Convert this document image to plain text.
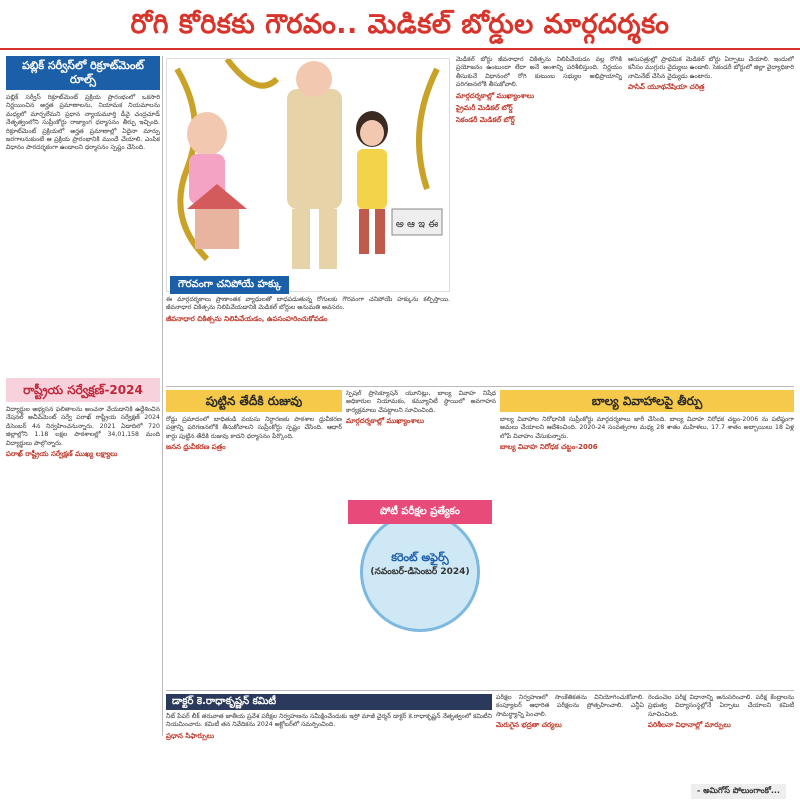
రోగి కోరికకు గౌరవం.. మెడికల్ బోర్డుల మార్గదర్శకం
పబ్లిక్ సర్వీస్‌లో రిక్రూట్‌మెంట్ రూల్స్
పబ్లిక్ సర్వీస్ రిక్రూట్‌మెంట్ ప్రక్రియ ప్రారంభంలో ఒకసారి నిర్ణయించిన అర్హత ప్రమాణాలను, నియామక నియమాలను మధ్యలో మార్చలేమని ప్రధాన న్యాయమూర్తి డీవై చంద్రచూడ్ నేతృత్వంలోని సుప్రీంకోర్టు రాజ్యాంగ ధర్మాసనం తీర్పు ఇచ్చింది. రిక్రూట్‌మెంట్ ప్రక్రియలో అర్హత ప్రమాణాల్లో ఏదైనా మార్పు జరగాలనుకుంటే ఆ ప్రక్రియ ప్రారంభానికి ముందే చేయాలి. ఎంపిక విధానం పారదర్శకంగా ఉండాలని ధర్మాసనం స్పష్టం చేసింది.
రాష్ట్రీయ సర్వేక్షణ్-2024
విద్యార్థుల అభ్యసన ఫలితాలను అంచనా వేయడానికి ఉద్దేశించిన నేషనల్ అచీవ్‌మెంట్ సర్వే పరాఖ్ రాష్ట్రీయ సర్వేక్షణ్ 2024 డిసెంబర్ 4న నిర్వహించనున్నారు. 2021 ఏడాదిలో 720 జిల్లాల్లోని 1.18 లక్షల పాఠశాలల్లో 34,01,158 మంది విద్యార్థులు పాల్గొన్నారు.
పరాఖ్ రాష్ట్రీయ సర్వేక్షణ్ ముఖ్య లక్ష్యాలు
అ ఆ ఇ ఈ
గౌరవంగా చనిపోయే హక్కు
ఈ మార్గదర్శకాలు ప్రాణాంతక వ్యాధులతో బాధపడుతున్న రోగులకు గౌరవంగా చనిపోయే హక్కును కల్పిస్తాయి. జీవనాధార చికిత్సను నిలిపివేయడానికి మెడికల్ బోర్డుల అనుమతి అవసరం.
జీవనాధార చికిత్సను నిలిపివేయడం, ఉపసంహరించుకోవడం
మెడికల్ బోర్డు జీవనాధార చికిత్సను నిలిపివేయడం వల్ల రోగికి ప్రయోజనం ఉంటుందా లేదా అనే అంశాన్ని పరిశీలిస్తుంది. నిర్ణయం తీసుకునే విధానంలో రోగి కుటుంబ సభ్యుల అభిప్రాయాన్ని పరిగణనలోకి తీసుకోవాలి.
మార్గదర్శకాల్లో ముఖ్యాంశాలు
ప్రైమరీ మెడికల్ బోర్డ్
సెకండరీ మెడికల్ బోర్డ్
ఆసుపత్రుల్లో ప్రాథమిక మెడికల్ బోర్డు ఏర్పాటు చేయాలి. ఇందులో కనీసం ముగ్గురు వైద్యులు ఉండాలి. సెకండరీ బోర్డులో జిల్లా వైద్యాధికారి నామినేట్ చేసిన వైద్యుడు ఉంటారు.
పాసివ్ యూథనేషియా చరిత్ర
పుట్టిన తేదీకి రుజువు
రోడ్డు ప్రమాదంలో బాధితుడి వయసు నిర్ధారణకు పాఠశాల ధ్రువీకరణ పత్రాన్ని పరిగణనలోకి తీసుకోవాలని సుప్రీంకోర్టు స్పష్టం చేసింది. ఆధార్ కార్డు పుట్టిన తేదీకి రుజువు కాదని ధర్మాసనం పేర్కొంది.
జనన ధ్రువీకరణ పత్రం
స్పెషల్ ప్రాసెక్యూషన్ యూనిట్లు, బాల్య వివాహ నిషేధ అధికారుల నియామకం, కమ్యూనిటీ స్థాయిలో అవగాహన కార్యక్రమాలు చేపట్టాలని సూచించింది.
మార్గదర్శకాల్లో ముఖ్యాంశాలు
బాల్య వివాహాలపై తీర్పు
బాల్య వివాహాల నిరోధానికి సుప్రీంకోర్టు మార్గదర్శకాలు జారీ చేసింది. బాల్య వివాహ నిరోధక చట్టం-2006 ను పటిష్ఠంగా అమలు చేయాలని ఆదేశించింది. 2020-24 సంవత్సరాల మధ్య 28 శాతం మహిళలు, 17.7 శాతం అబ్బాయిలు 18 ఏళ్ల లోపే వివాహం చేసుకున్నారు.
బాల్య వివాహ నిరోధక చట్టం-2006
పోటీ పరీక్షల ప్రత్యేకం
కరెంట్ అఫైర్స్
(నవంబర్-డిసెంబర్ 2024)
డాక్టర్ కె.రాధాకృష్ణన్ కమిటీ
నీట్ పేపర్ లీక్ తరువాత జాతీయ ప్రవేశ పరీక్షల నిర్వహణను సమీక్షించేందుకు ఇస్రో మాజీ చైర్మన్ డాక్టర్ కె.రాధాకృష్ణన్ నేతృత్వంలో కమిటీని నియమించారు. కమిటీ తన నివేదికను 2024 అక్టోబర్‌లో సమర్పించింది.
ప్రధాన సిఫార్సులు
పరీక్షల నిర్వహణలో సాంకేతికతను వినియోగించుకోవాలి. కంప్యూటర్ ఆధారిత పరీక్షలను ప్రోత్సహించాలి. ఎన్టీఏ సామర్థ్యాన్ని పెంచాలి.
మెరుగైన భద్రతా చర్యలు
రెండంచెల పరీక్ష విధానాన్ని అనుసరించాలి. పరీక్ష కేంద్రాలను ప్రభుత్వ విద్యాసంస్థల్లోనే ఏర్పాటు చేయాలని కమిటీ సూచించింది.
పరిశీలనా విధానాల్లో మార్పులు
- అమిగోస్ పోలుంగాంకో...
